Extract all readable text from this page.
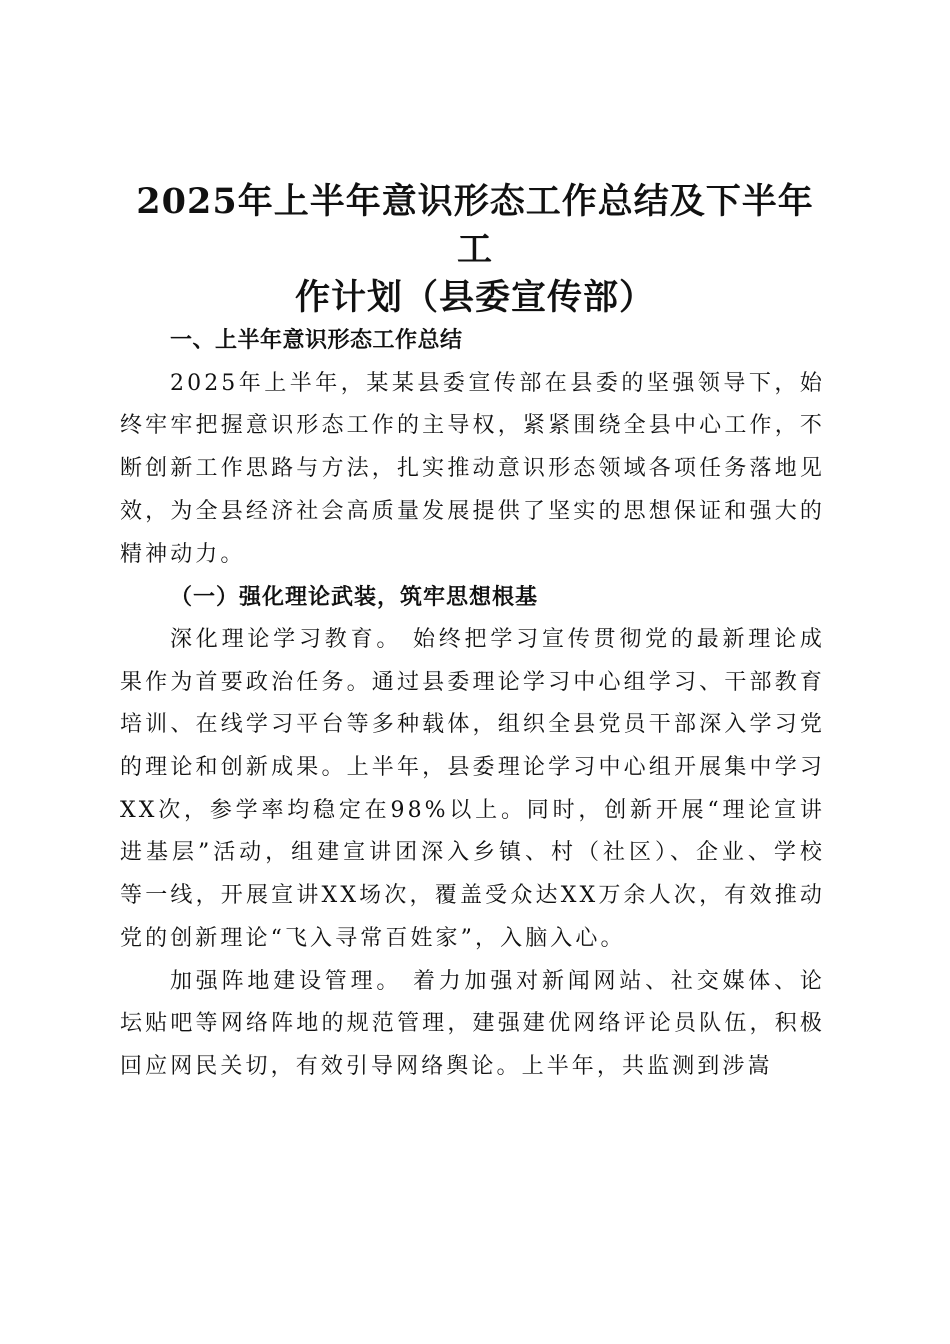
2025年上半年意识形态工作总结及下半年工
作计划（县委宣传部）

一、上半年意识形态工作总结

2025年上半年，某某县委宣传部在县委的坚强领导下，始终牢牢把握意识形态工作的主导权，紧紧围绕全县中心工作，不断创新工作思路与方法，扎实推动意识形态领域各项任务落地见效，为全县经济社会高质量发展提供了坚实的思想保证和强大的精神动力。

（一）强化理论武装，筑牢思想根基

深化理论学习教育。 始终把学习宣传贯彻党的最新理论成果作为首要政治任务。通过县委理论学习中心组学习、干部教育培训、在线学习平台等多种载体，组织全县党员干部深入学习党的理论和创新成果。上半年，县委理论学习中心组开展集中学习XX次，参学率均稳定在98%以上。同时，创新开展“理论宣讲进基层”活动，组建宣讲团深入乡镇、村（社区）、企业、学校等一线，开展宣讲XX场次，覆盖受众达XX万余人次，有效推动党的创新理论“飞入寻常百姓家”，入脑入心。

加强阵地建设管理。 着力加强对新闻网站、社交媒体、论坛贴吧等网络阵地的规范管理，建强建优网络评论员队伍，积极回应网民关切，有效引导网络舆论。上半年，共监测到涉嵩
